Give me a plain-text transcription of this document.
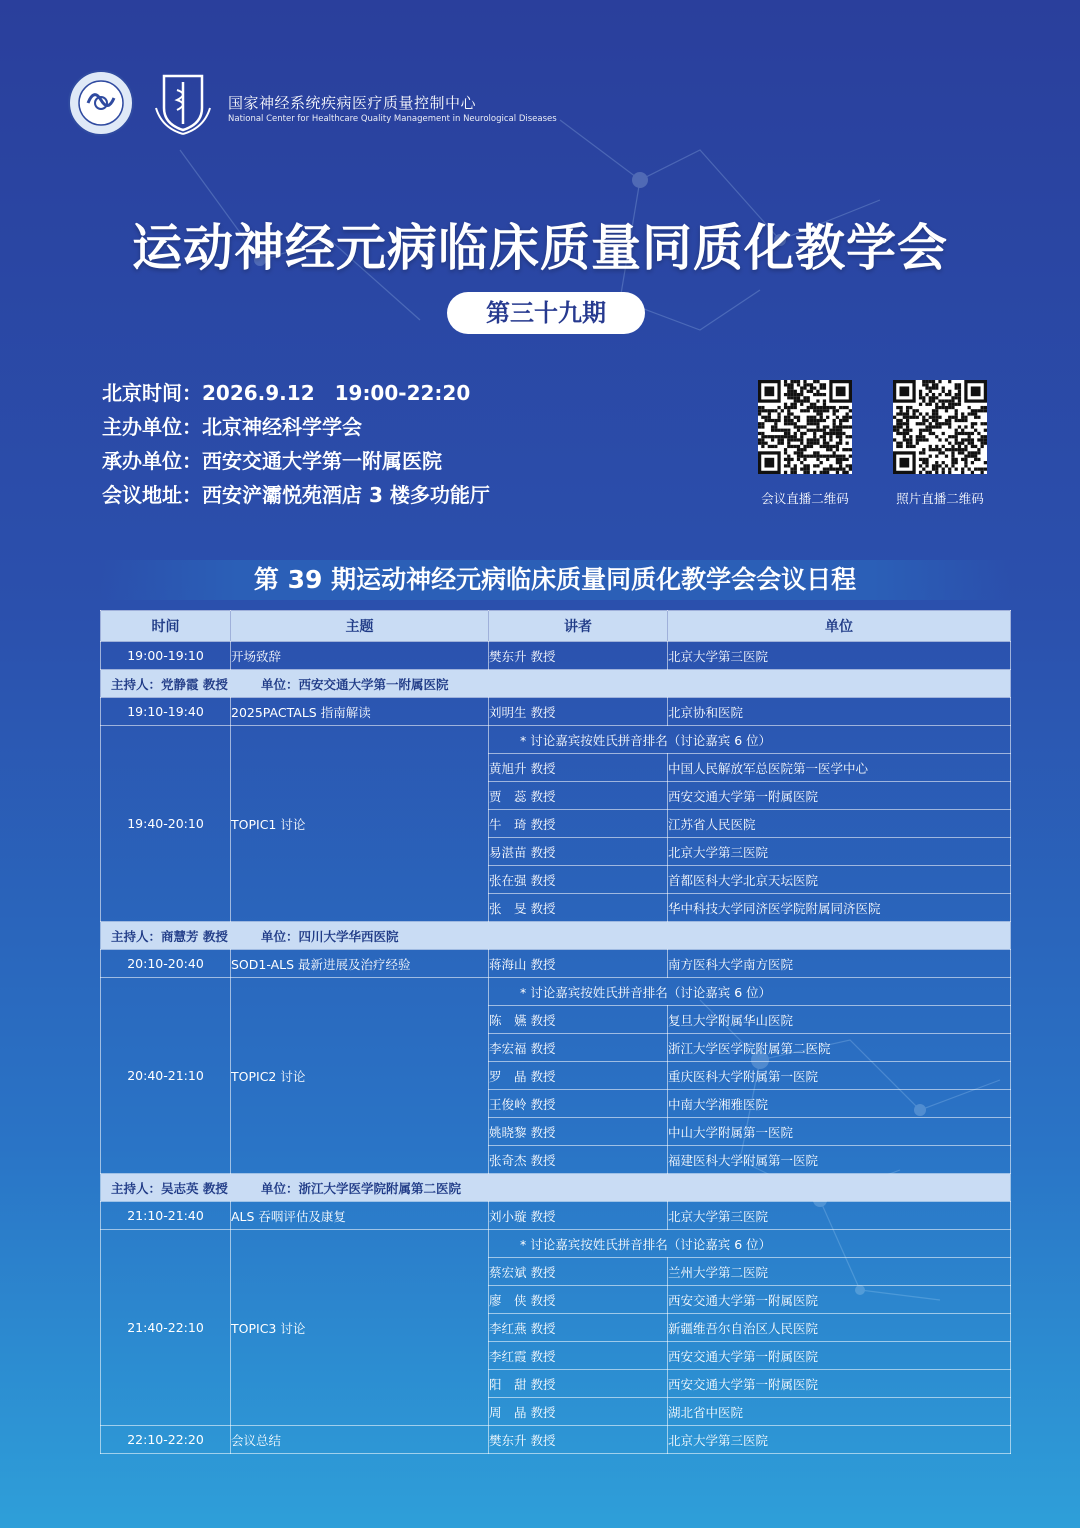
国家神经系统疾病医疗质量控制中心
National Center for Healthcare Quality Management in Neurological Diseases
运动神经元病临床质量同质化教学会
第三十九期
北京时间：2026.9.12　19:00-22:20
主办单位：北京神经科学学会
承办单位：西安交通大学第一附属医院
会议地址：西安浐灞悦苑酒店 3 楼多功能厅	会议直播二维码	照片直播二维码
第 39 期运动神经元病临床质量同质化教学会会议日程
时间	主题	讲者	单位
19:00-19:10	开场致辞	樊东升 教授	北京大学第三医院
主持人：党静霞 教授 单位：西安交通大学第一附属医院			
19:10-19:40	2025PACTALS 指南解读	刘明生 教授	北京协和医院
19:40-20:10	TOPIC1 讨论	* 讨论嘉宾按姓氏拼音排名（讨论嘉宾 6 位）	
		黄旭升 教授	中国人民解放军总医院第一医学中心
		贾　蕊 教授	西安交通大学第一附属医院
		牛　琦 教授	江苏省人民医院
		易湛苗 教授	北京大学第三医院
		张在强 教授	首都医科大学北京天坛医院
		张　旻 教授	华中科技大学同济医学院附属同济医院
主持人：商慧芳 教授 单位：四川大学华西医院			
20:10-20:40	SOD1-ALS 最新进展及治疗经验	蒋海山 教授	南方医科大学南方医院
20:40-21:10	TOPIC2 讨论	* 讨论嘉宾按姓氏拼音排名（讨论嘉宾 6 位）	
		陈　嬿 教授	复旦大学附属华山医院
		李宏福 教授	浙江大学医学院附属第二医院
		罗　晶 教授	重庆医科大学附属第一医院
		王俊岭 教授	中南大学湘雅医院
		姚晓黎 教授	中山大学附属第一医院
		张奇杰 教授	福建医科大学附属第一医院
主持人：吴志英 教授 单位：浙江大学医学院附属第二医院			
21:10-21:40	ALS 吞咽评估及康复	刘小璇 教授	北京大学第三医院
21:40-22:10	TOPIC3 讨论	* 讨论嘉宾按姓氏拼音排名（讨论嘉宾 6 位）	
		蔡宏斌 教授	兰州大学第二医院
		廖　侠 教授	西安交通大学第一附属医院
		李红燕 教授	新疆维吾尔自治区人民医院
		李红霞 教授	西安交通大学第一附属医院
		阳　甜 教授	西安交通大学第一附属医院
		周　晶 教授	湖北省中医院
22:10-22:20	会议总结	樊东升 教授	北京大学第三医院
